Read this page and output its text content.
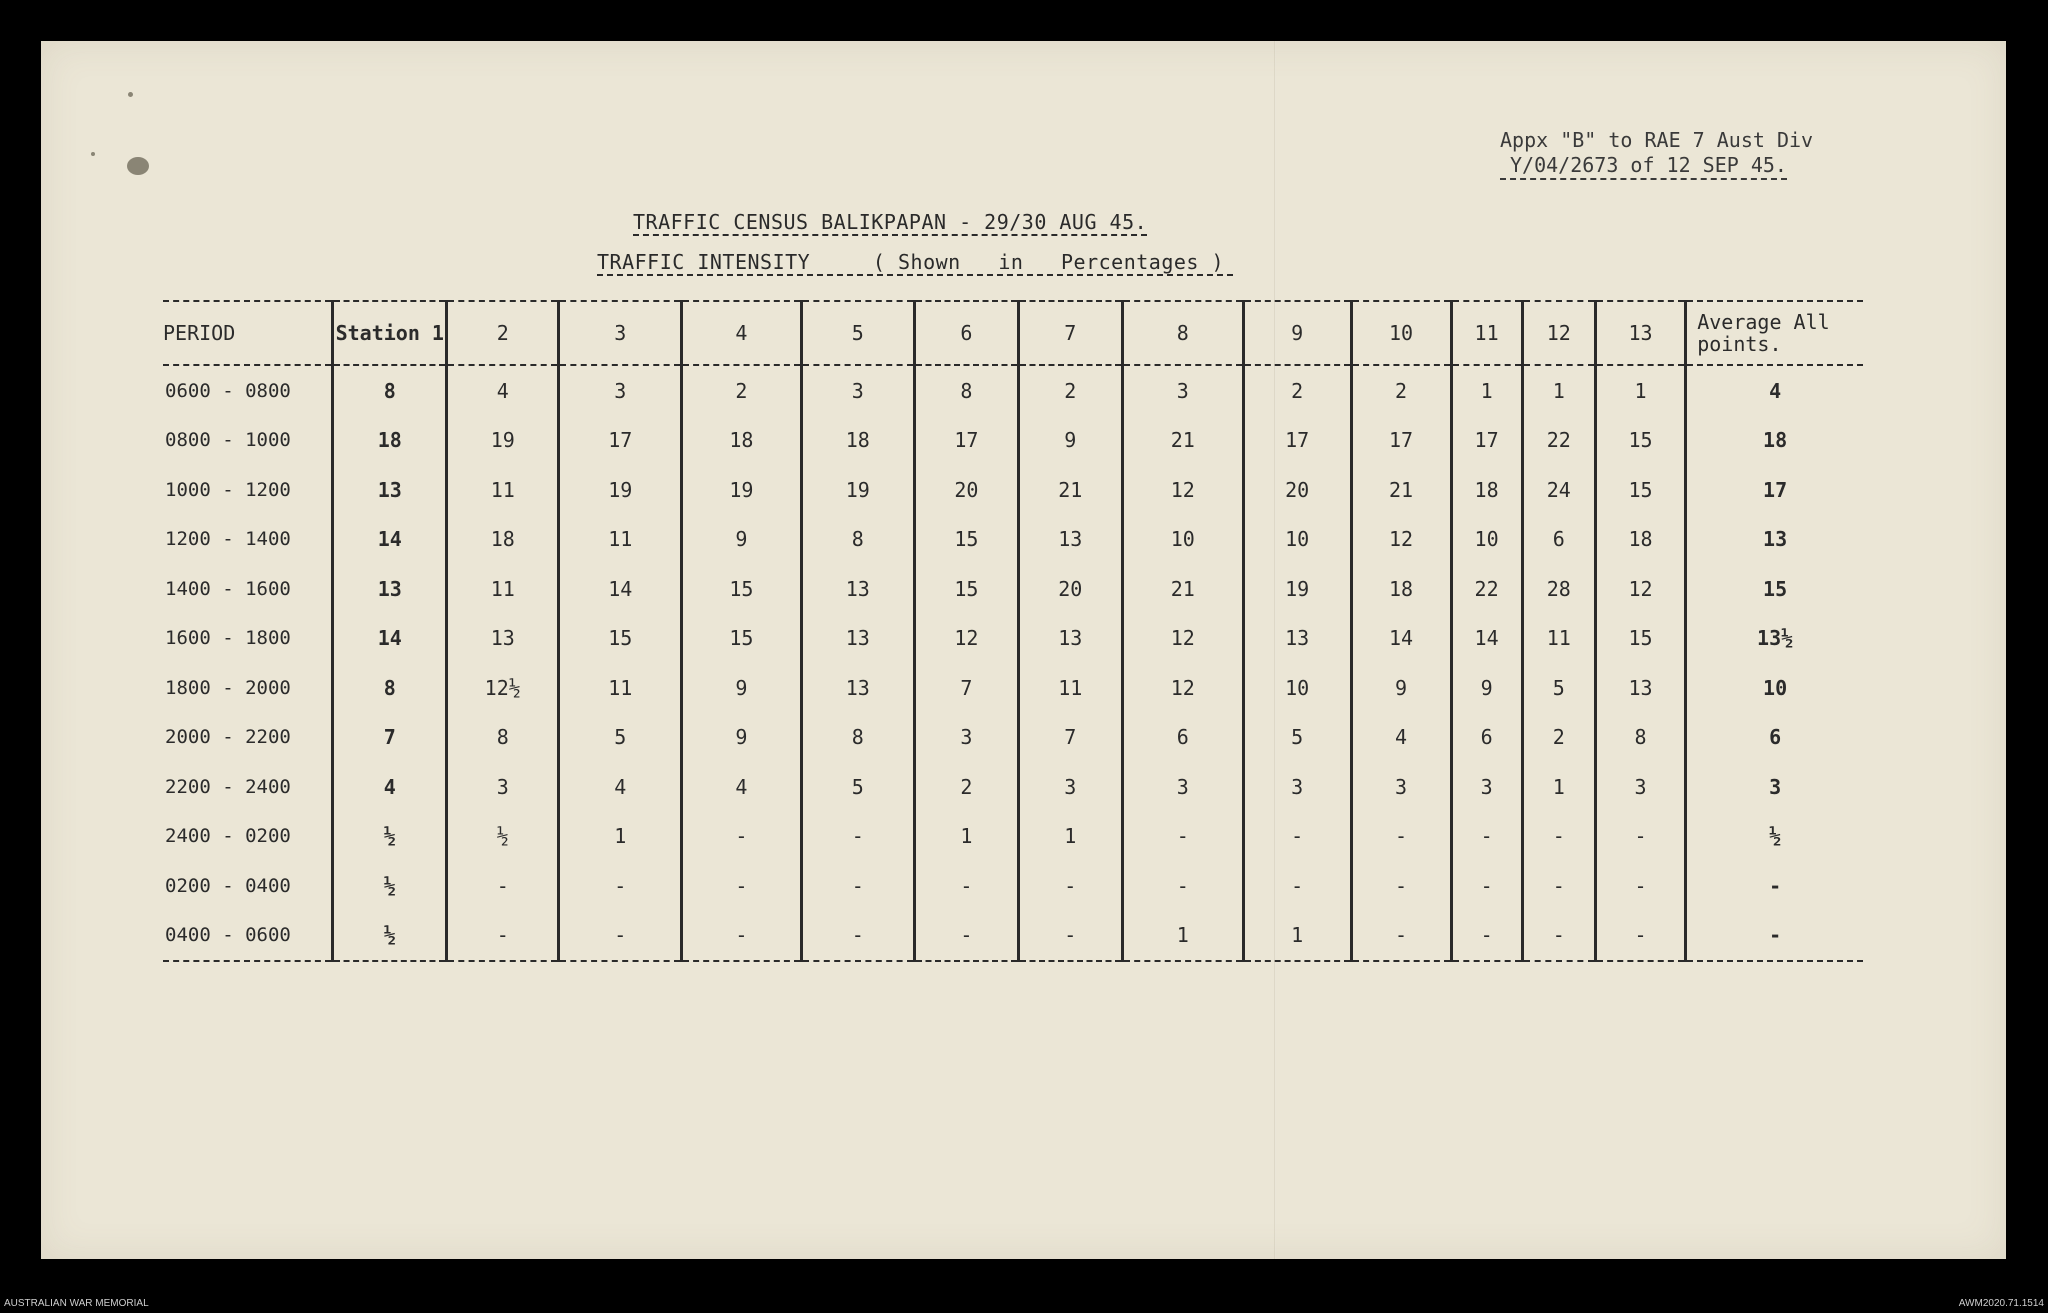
Appx "B" to RAE 7 Aust Div
Y/04/2673 of 12 SEP 45.
TRAFFIC CENSUS BALIKPAPAN - 29/30 AUG 45.
TRAFFIC INTENSITY     ( Shown   in   Percentages )
PERIOD	Station 1	2	3	4	5	6	7	8	9	10	11	12	13	Average All points.
0600 - 0800	8	4	3	2	3	8	2	3	2	2	1	1	1	4
0800 - 1000	18	19	17	18	18	17	9	21	17	17	17	22	15	18
1000 - 1200	13	11	19	19	19	20	21	12	20	21	18	24	15	17
1200 - 1400	14	18	11	9	8	15	13	10	10	12	10	6	18	13
1400 - 1600	13	11	14	15	13	15	20	21	19	18	22	28	12	15
1600 - 1800	14	13	15	15	13	12	13	12	13	14	14	11	15	13½
1800 - 2000	8	12½	11	9	13	7	11	12	10	9	9	5	13	10
2000 - 2200	7	8	5	9	8	3	7	6	5	4	6	2	8	6
2200 - 2400	4	3	4	4	5	2	3	3	3	3	3	1	3	3
2400 - 0200	½	½	1	-	-	1	1	-	-	-	-	-	-	½
0200 - 0400	½	-	-	-	-	-	-	-	-	-	-	-	-	-
0400 - 0600	½	-	-	-	-	-	-	1	1	-	-	-	-	-
AUSTRALIAN WAR MEMORIAL	AWM2020.71.1514
